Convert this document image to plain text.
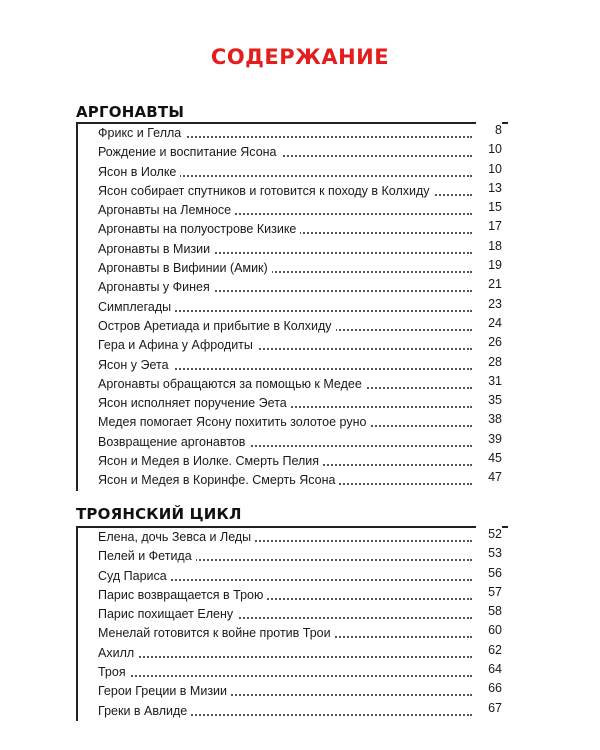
СОДЕРЖАНИЕ
АРГОНАВТЫ
Фрикс и Гелла	8
Рождение и воспитание Ясона	10
Ясон в Иолке	10
Ясон собирает спутников и готовится к походу в Колхиду	13
Аргонавты на Лемносе	15
Аргонавты на полуострове Кизике	17
Аргонавты в Мизии	18
Аргонавты в Вифинии (Амик)	19
Аргонавты у Финея	21
Симплегады	23
Остров Аретиада и прибытие в Колхиду	24
Гера и Афина у Афродиты	26
Ясон у Эета	28
Аргонавты обращаются за помощью к Медее	31
Ясон исполняет поручение Эета	35
Медея помогает Ясону похитить золотое руно	38
Возвращение аргонавтов	39
Ясон и Медея в Иолке. Смерть Пелия	45
Ясон и Медея в Коринфе. Смерть Ясона	47
ТРОЯНСКИЙ ЦИКЛ
Елена, дочь Зевса и Леды	52
Пелей и Фетида	53
Суд Париса	56
Парис возвращается в Трою	57
Парис похищает Елену	58
Менелай готовится к войне против Трои	60
Ахилл	62
Троя	64
Герои Греции в Мизии	66
Греки в Авлиде	67
